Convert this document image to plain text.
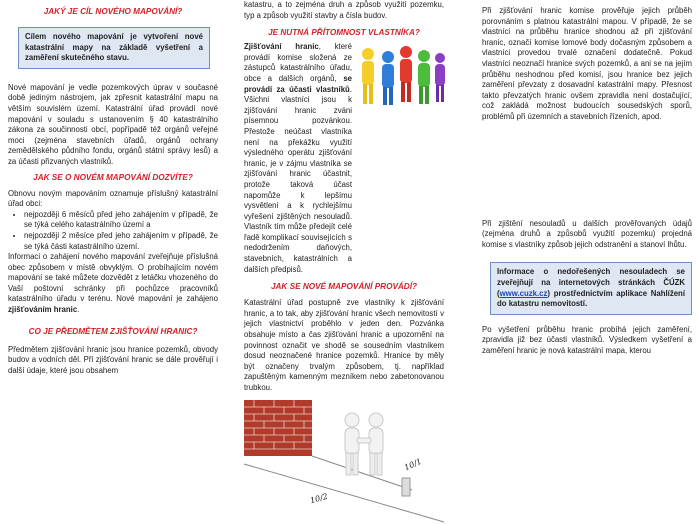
JAKÝ JE CÍL NOVÉHO MAPOVÁNÍ?
Cílem nového mapování je vytvoření nové katastrální mapy na základě vyšetření a zaměření skutečného stavu.

Nové mapování je vedle pozemkových úprav v současné době jediným nástrojem, jak zpřesnit katastrální mapu na větším souvislém území. Katastrální úřad provádí nové mapování v souladu s ustanovením § 40 katastrálního zákona za součinnosti obcí, popřípadě též orgánů veřejné moci (zejména stavebních úřadů, orgánů ochrany zemědělského půdního fondu, orgánů státní správy lesů) a za účasti přizvaných vlastníků.

JAK SE O NOVÉM MAPOVÁNÍ DOZVÍTE?

Obnovu novým mapováním oznamuje příslušný katastrální úřad obci:

• nejpozději 6 měsíců před jeho zahájením v případě, že se týká celého katastrálního území a
• nejpozději 2 měsíce před jeho zahájením v případě, že se týká části katastrálního území.

Informaci o zahájení nového mapování zveřejňuje příslušná obec způsobem v místě obvyklým. O probíhajícím novém mapování se také můžete dozvědět z letáčku vhozeného do Vaší poštovní schránky při pochůzce pracovníků katastrálního úřadu v terénu. Nové mapování je zahájeno zjišťováním hranic.

CO JE PŘEDMĚTEM ZJIŠŤOVÁNÍ HRANIC?

Předmětem zjišťování hranic jsou hranice pozemků, obvody budov a vodních děl. Při zjišťování hranic se dále prověřují i další údaje, které jsou obsahem

katastru, a to zejména druh a způsob využití pozemku, typ a způsob využití stavby a čísla budov.

JE NUTNÁ PŘÍTOMNOST VLASTNÍKA?

Zjišťování hranic, které provádí komise složená ze zástupců katastrálního úřadu, obce a dalších orgánů, se provádí za účasti vlastníků. Všichni vlastníci jsou k zjišťování hranic zváni písemnou pozvánkou. Přestože neúčast vlastníka není na překážku využití výsledného operátu zjišťování hranic, je v zájmu vlastníka se zjišťování hranic účastnit, protože taková účast napomůže k lepšímu vysvětlení a k rychlejšímu vyřešení zjištěných nesouladů. Vlastník tím může předejít celé řadě komplikací souvisejících s nedodržením daňových, stavebních, katastrálních a dalších předpisů.

JAK SE NOVÉ MAPOVÁNÍ PROVÁDÍ?

Katastrální úřad postupně zve vlastníky k zjišťování hranic, a to tak, aby zjišťování hranic všech nemovitostí v jejich vlastnictví proběhlo v jeden den. Pozvánka obsahuje místo a čas zjišťování hranic a upozornění na povinnost označit ve shodě se sousedním vlastníkem dosud neoznačené hranice pozemků. Hranice by měly být označeny trvalým způsobem, tj. například zapuštěným kamenným mezníkem nebo zabetonovanou trubkou.

10/1
10/2

Při zjišťování hranic komise prověřuje jejich průběh porovnáním s platnou katastrální mapou. V případě, že se vlastníci na průběhu hranice shodnou až při zjišťování hranic, označí komise lomové body dočasným způsobem a vlastníci provedou trvalé označení dodatečně. Pokud vlastníci neoznačí hranice svých pozemků, a ani se na jejím průběhu neshodnou před komisí, jsou hranice bez jejich zaměření převzaty z dosavadní katastrální mapy. Přesnost takto převzatých hranic ovšem zpravidla není dostačující, což zakládá možnost budoucích sousedských sporů, problémů při územních a stavebních řízeních, apod.

Při zjištění nesouladů u dalších prověřovaných údajů (zejména druhů a způsobů využití pozemku) projedná komise s vlastníky způsob jejich odstranění a stanoví lhůtu.

Informace o nedořešených nesouladech se zveřejňují na internetových stránkách ČÚZK (www.cuzk.cz) prostřednictvím aplikace Nahlížení do katastru nemovitostí.

Po vyšetření průběhu hranic probíhá jejich zaměření, zpravidla již bez účasti vlastníků. Výsledkem vyšetření a zaměření hranic je nová katastrální mapa, kterou
